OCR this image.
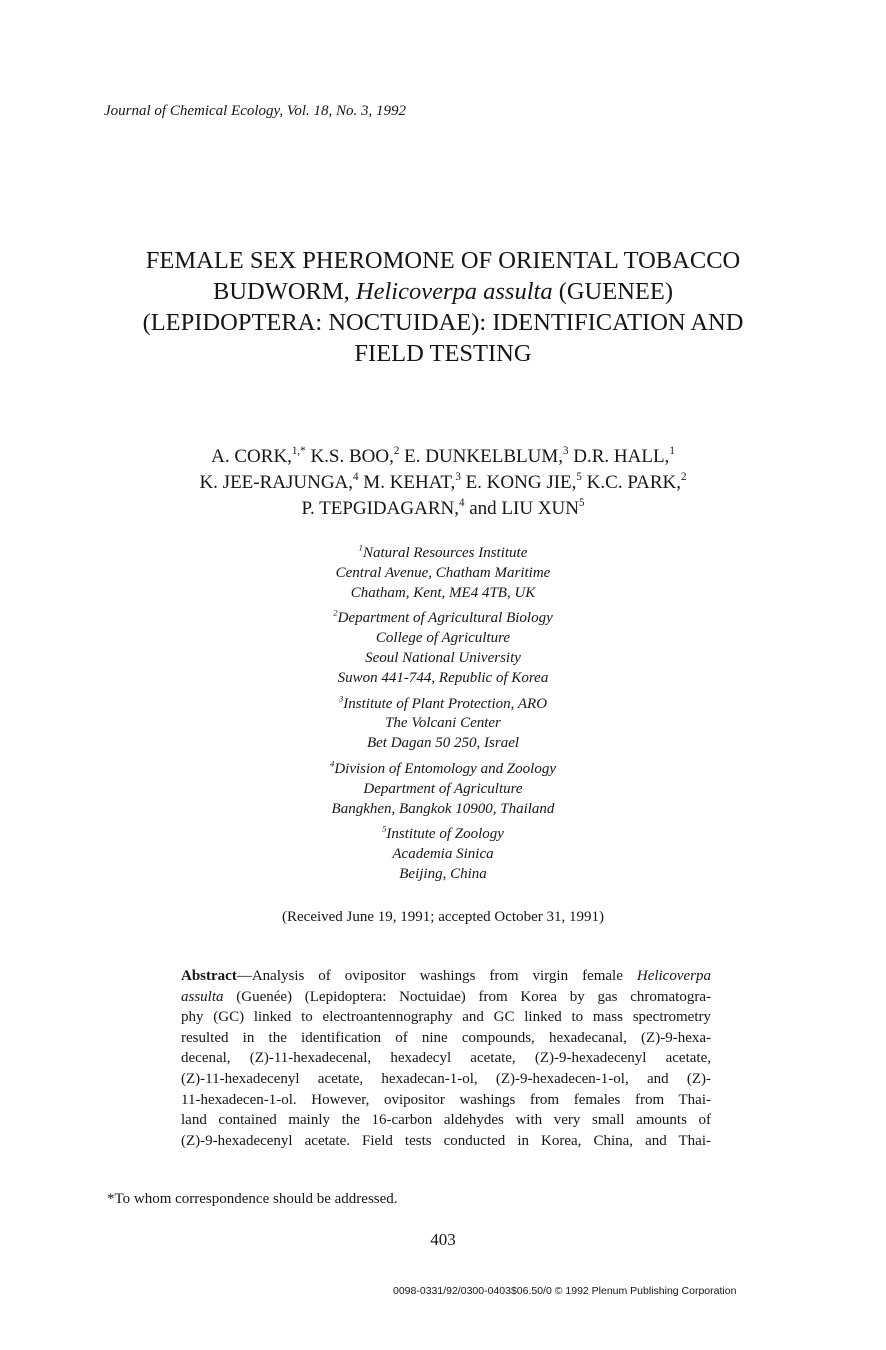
Journal of Chemical Ecology, Vol. 18, No. 3, 1992
FEMALE SEX PHEROMONE OF ORIENTAL TOBACCO
BUDWORM, Helicoverpa assulta (GUENEE)
(LEPIDOPTERA: NOCTUIDAE): IDENTIFICATION AND
FIELD TESTING
A. CORK,$^{1,*}$ K.S. BOO,$^2$ E. DUNKELBLUM,$^3$ D.R. HALL,$^1$
K. JEE-RAJUNGA,$^4$ M. KEHAT,$^3$ E. KONG JIE,$^5$ K.C. PARK,$^2$
P. TEPGIDAGARN,$^4$ and LIU XUN$^5$
$^1$Natural Resources Institute
Central Avenue, Chatham Maritime
Chatham, Kent, ME4 4TB, UK
$^2$Department of Agricultural Biology
College of Agriculture
Seoul National University
Suwon 441-744, Republic of Korea
$^3$Institute of Plant Protection, ARO
The Volcani Center
Bet Dagan 50 250, Israel
$^4$Division of Entomology and Zoology
Department of Agriculture
Bangkhen, Bangkok 10900, Thailand
$^5$Institute of Zoology
Academia Sinica
Beijing, China
(Received June 19, 1991; accepted October 31, 1991)
Abstract—Analysis of ovipositor washings from virgin female Helicoverpa
assulta (Guenée) (Lepidoptera: Noctuidae) from Korea by gas chromatogra-
phy (GC) linked to electroantennography and GC linked to mass spectrometry
resulted in the identification of nine compounds, hexadecanal, (Z)-9-hexa-
decenal, (Z)-11-hexadecenal, hexadecyl acetate, (Z)-9-hexadecenyl acetate,
(Z)-11-hexadecenyl acetate, hexadecan-1-ol, (Z)-9-hexadecen-1-ol, and (Z)-
11-hexadecen-1-ol. However, ovipositor washings from females from Thai-
land contained mainly the 16-carbon aldehydes with very small amounts of
(Z)-9-hexadecenyl acetate. Field tests conducted in Korea, China, and Thai-
*To whom correspondence should be addressed.
403
0098-0331/92/0300-0403$06.50/0 © 1992 Plenum Publishing Corporation
